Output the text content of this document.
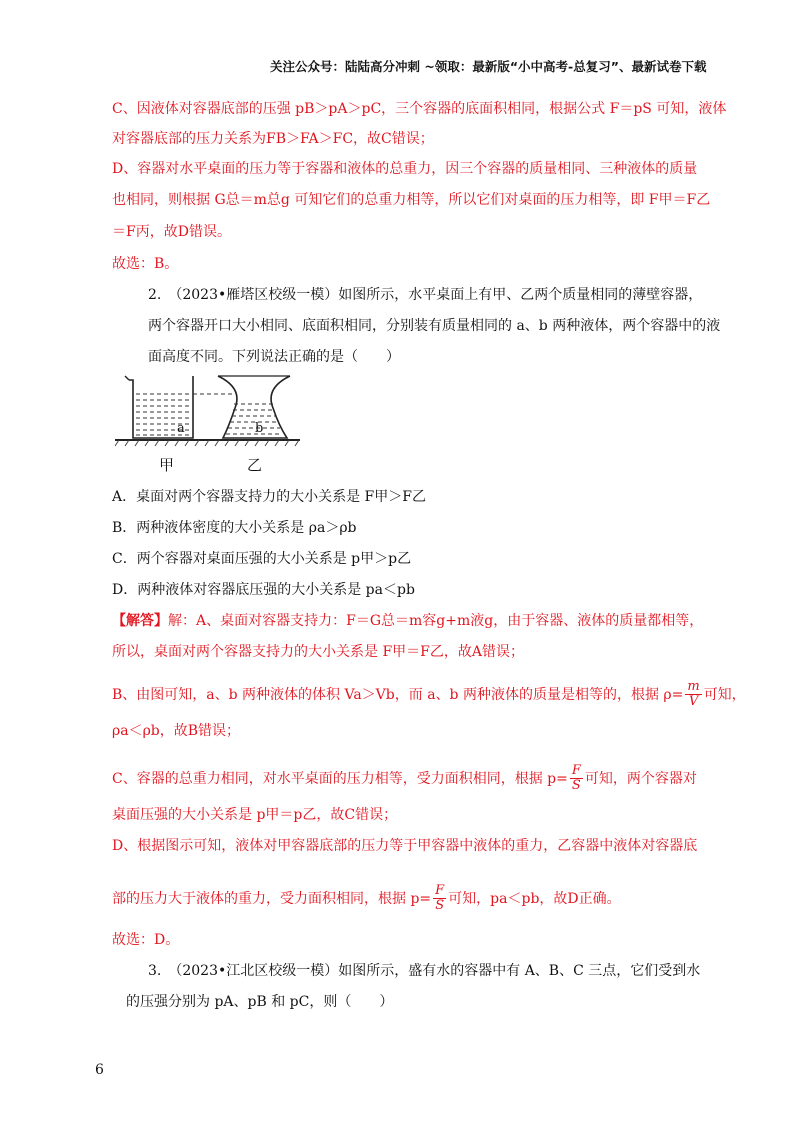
关注公众号：陆陆高分冲刺 ~领取：最新版“小中高考-总复习”、最新试卷下载
C、因液体对容器底部的压强 pB＞pA＞pC，三个容器的底面积相同，根据公式 F＝pS 可知，液体
对容器底部的压力关系为FB＞FA＞FC，故C错误；
D、容器对水平桌面的压力等于容器和液体的总重力，因三个容器的质量相同、三种液体的质量
也相同，则根据 G总＝m总g 可知它们的总重力相等，所以它们对桌面的压力相等，即 F甲＝F乙
＝F丙，故D错误。
故选：B。
2.　（2023•雁塔区校级一模）如图所示，水平桌面上有甲、乙两个质量相同的薄壁容器，
两个容器开口大小相同、底面积相同，分别装有质量相同的 a、b 两种液体，两个容器中的液
面高度不同。下列说法正确的是（　　）
a	b
甲	乙
A．桌面对两个容器支持力的大小关系是 F甲＞F乙
B．两种液体密度的大小关系是 ρa＞ρb
C．两个容器对桌面压强的大小关系是 p甲＞p乙
D．两种液体对容器底压强的大小关系是 pa＜pb
【解答】解：A、桌面对容器支持力：F＝G总＝m容g+m液g，由于容器、液体的质量都相等，
所以，桌面对两个容器支持力的大小关系是 F甲＝F乙，故A错误；
B、由图可知，a、b 两种液体的体积 Va＞Vb，而 a、b 两种液体的质量是相等的，根据 $\rho= \frac{m}{V}$ 可知，
ρa＜ρb，故B错误；
C、容器的总重力相同，对水平桌面的压力相等，受力面积相同，根据 $p= \frac{F}{S}$ 可知，两个容器对
桌面压强的大小关系是 p甲＝p乙，故C错误；
D、根据图示可知，液体对甲容器底部的压力等于甲容器中液体的重力，乙容器中液体对容器底
部的压力大于液体的重力，受力面积相同，根据 $p= \frac{F}{S}$ 可知，pa＜pb，故D正确。
故选：D。
3.　（2023•江北区校级一模）如图所示，盛有水的容器中有 A、B、C 三点，它们受到水
的压强分别为 pA、pB 和 pC，则（　　）
6
